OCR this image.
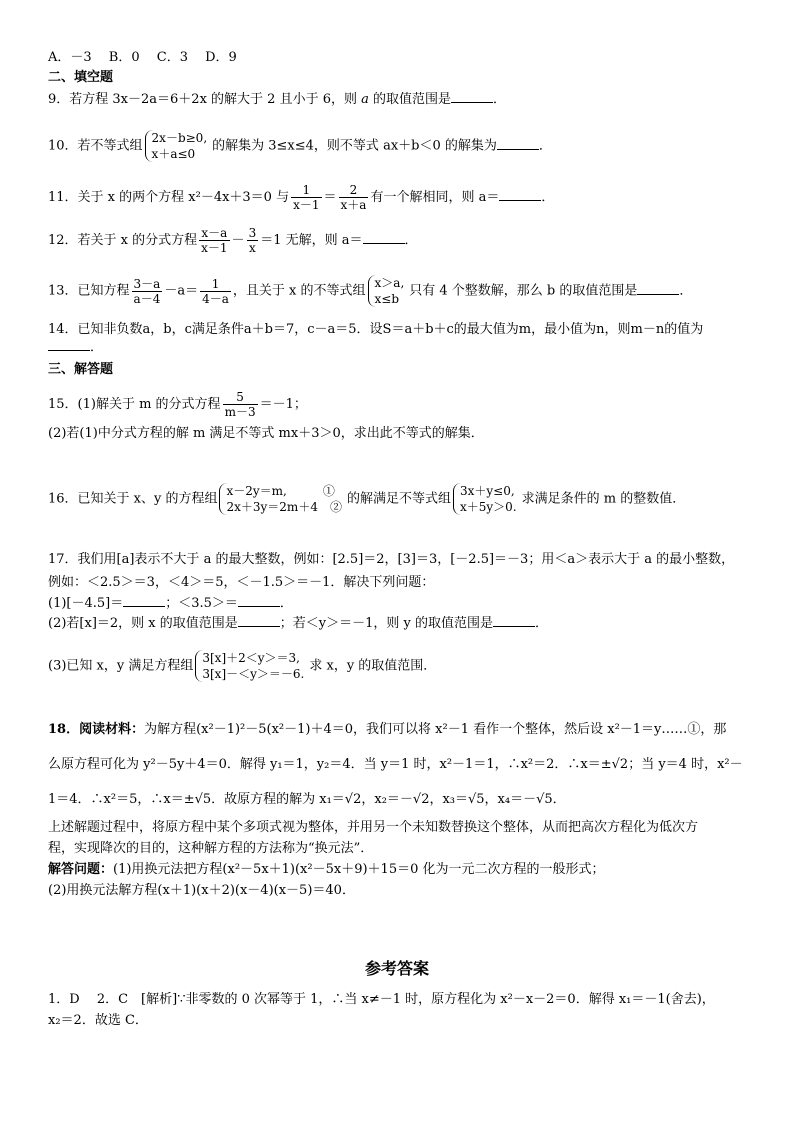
A．－3　 B．0　 C．3　 D．9
二、填空题
9．若方程 3x－2a＝6＋2x 的解大于 2 且小于 6，则 a 的取值范围是	．
10．若不等式组
2x－b≥0,
x＋a≤0
的解集为 3≤x≤4，则不等式 ax＋b＜0 的解集为	．
11．关于 x 的两个方程 x²－4x＋3＝0 与 $\frac{1}{x-1} = \frac{2}{x+a}$ 有一个解相同，则 a＝	．
12．若关于 x 的分式方程 $\frac{x-a}{x-1} - \frac{3}{x} =1$ 无解，则 a＝	．
13．已知方程 $\frac{3-a}{a-4} -a= \frac{1}{4-a}$ ，且关于 x 的不等式组
x＞a,
x≤b
只有 4 个整数解，那么 b 的取值范围是	．
14．已知非负数a，b，c满足条件a＋b＝7，c－a＝5．设S＝a＋b＋c的最大值为m，最小值为n，则m－n的值为
．
三、解答题
15．(1)解关于 m 的分式方程 $\frac{5}{m-3} =-1$；
(2)若(1)中分式方程的解 m 满足不等式 mx＋3＞0，求出此不等式的解集．
16．已知关于 x、y 的方程组
x－2y＝m,　　　①
2x＋3y＝2m＋4　②
的解满足不等式组
3x＋y≤0,
x＋5y＞0.
求满足条件的 m 的整数值．
17．我们用[a]表示不大于 a 的最大整数，例如：[2.5]＝2，[3]＝3，[－2.5]＝－3；用＜a＞表示大于 a 的最小整数，
例如：＜2.5＞＝3，＜4＞＝5，＜－1.5＞＝－1．解决下列问题：
(1)[－4.5]＝	；＜3.5＞＝	．
(2)若[x]＝2，则 x 的取值范围是	；若＜y＞＝－1，则 y 的取值范围是	．
(3)已知 x，y 满足方程组
3[x]＋2＜y＞＝3,
3[x]－＜y＞＝－6.
求 x，y 的取值范围．
18．阅读材料：为解方程(x²－1)²－5(x²－1)＋4＝0，我们可以将 x²－1 看作一个整体，然后设 x²－1＝y……①，那
么原方程可化为 y²－5y＋4＝0．解得 y₁＝1，y₂＝4．当 y＝1 时，x²－1＝1，∴x²＝2．∴x＝±√2；当 y＝4 时，x²－
1＝4．∴x²＝5，∴x＝±√5．故原方程的解为 x₁＝√2，x₂＝－√2，x₃＝√5，x₄＝－√5．
上述解题过程中，将原方程中某个多项式视为整体，并用另一个未知数替换这个整体，从而把高次方程化为低次方
程，实现降次的目的，这种解方程的方法称为“换元法”．
解答问题：(1)用换元法把方程(x²－5x＋1)(x²－5x＋9)＋15＝0 化为一元二次方程的一般形式；
(2)用换元法解方程(x＋1)(x＋2)(x－4)(x－5)＝40．
参考答案
1．D　 2．C　[解析]∵非零数的 0 次幂等于 1，∴当 x≠－1 时，原方程化为 x²－x－2＝0．解得 x₁＝－1(舍去)，
x₂＝2．故选 C．
